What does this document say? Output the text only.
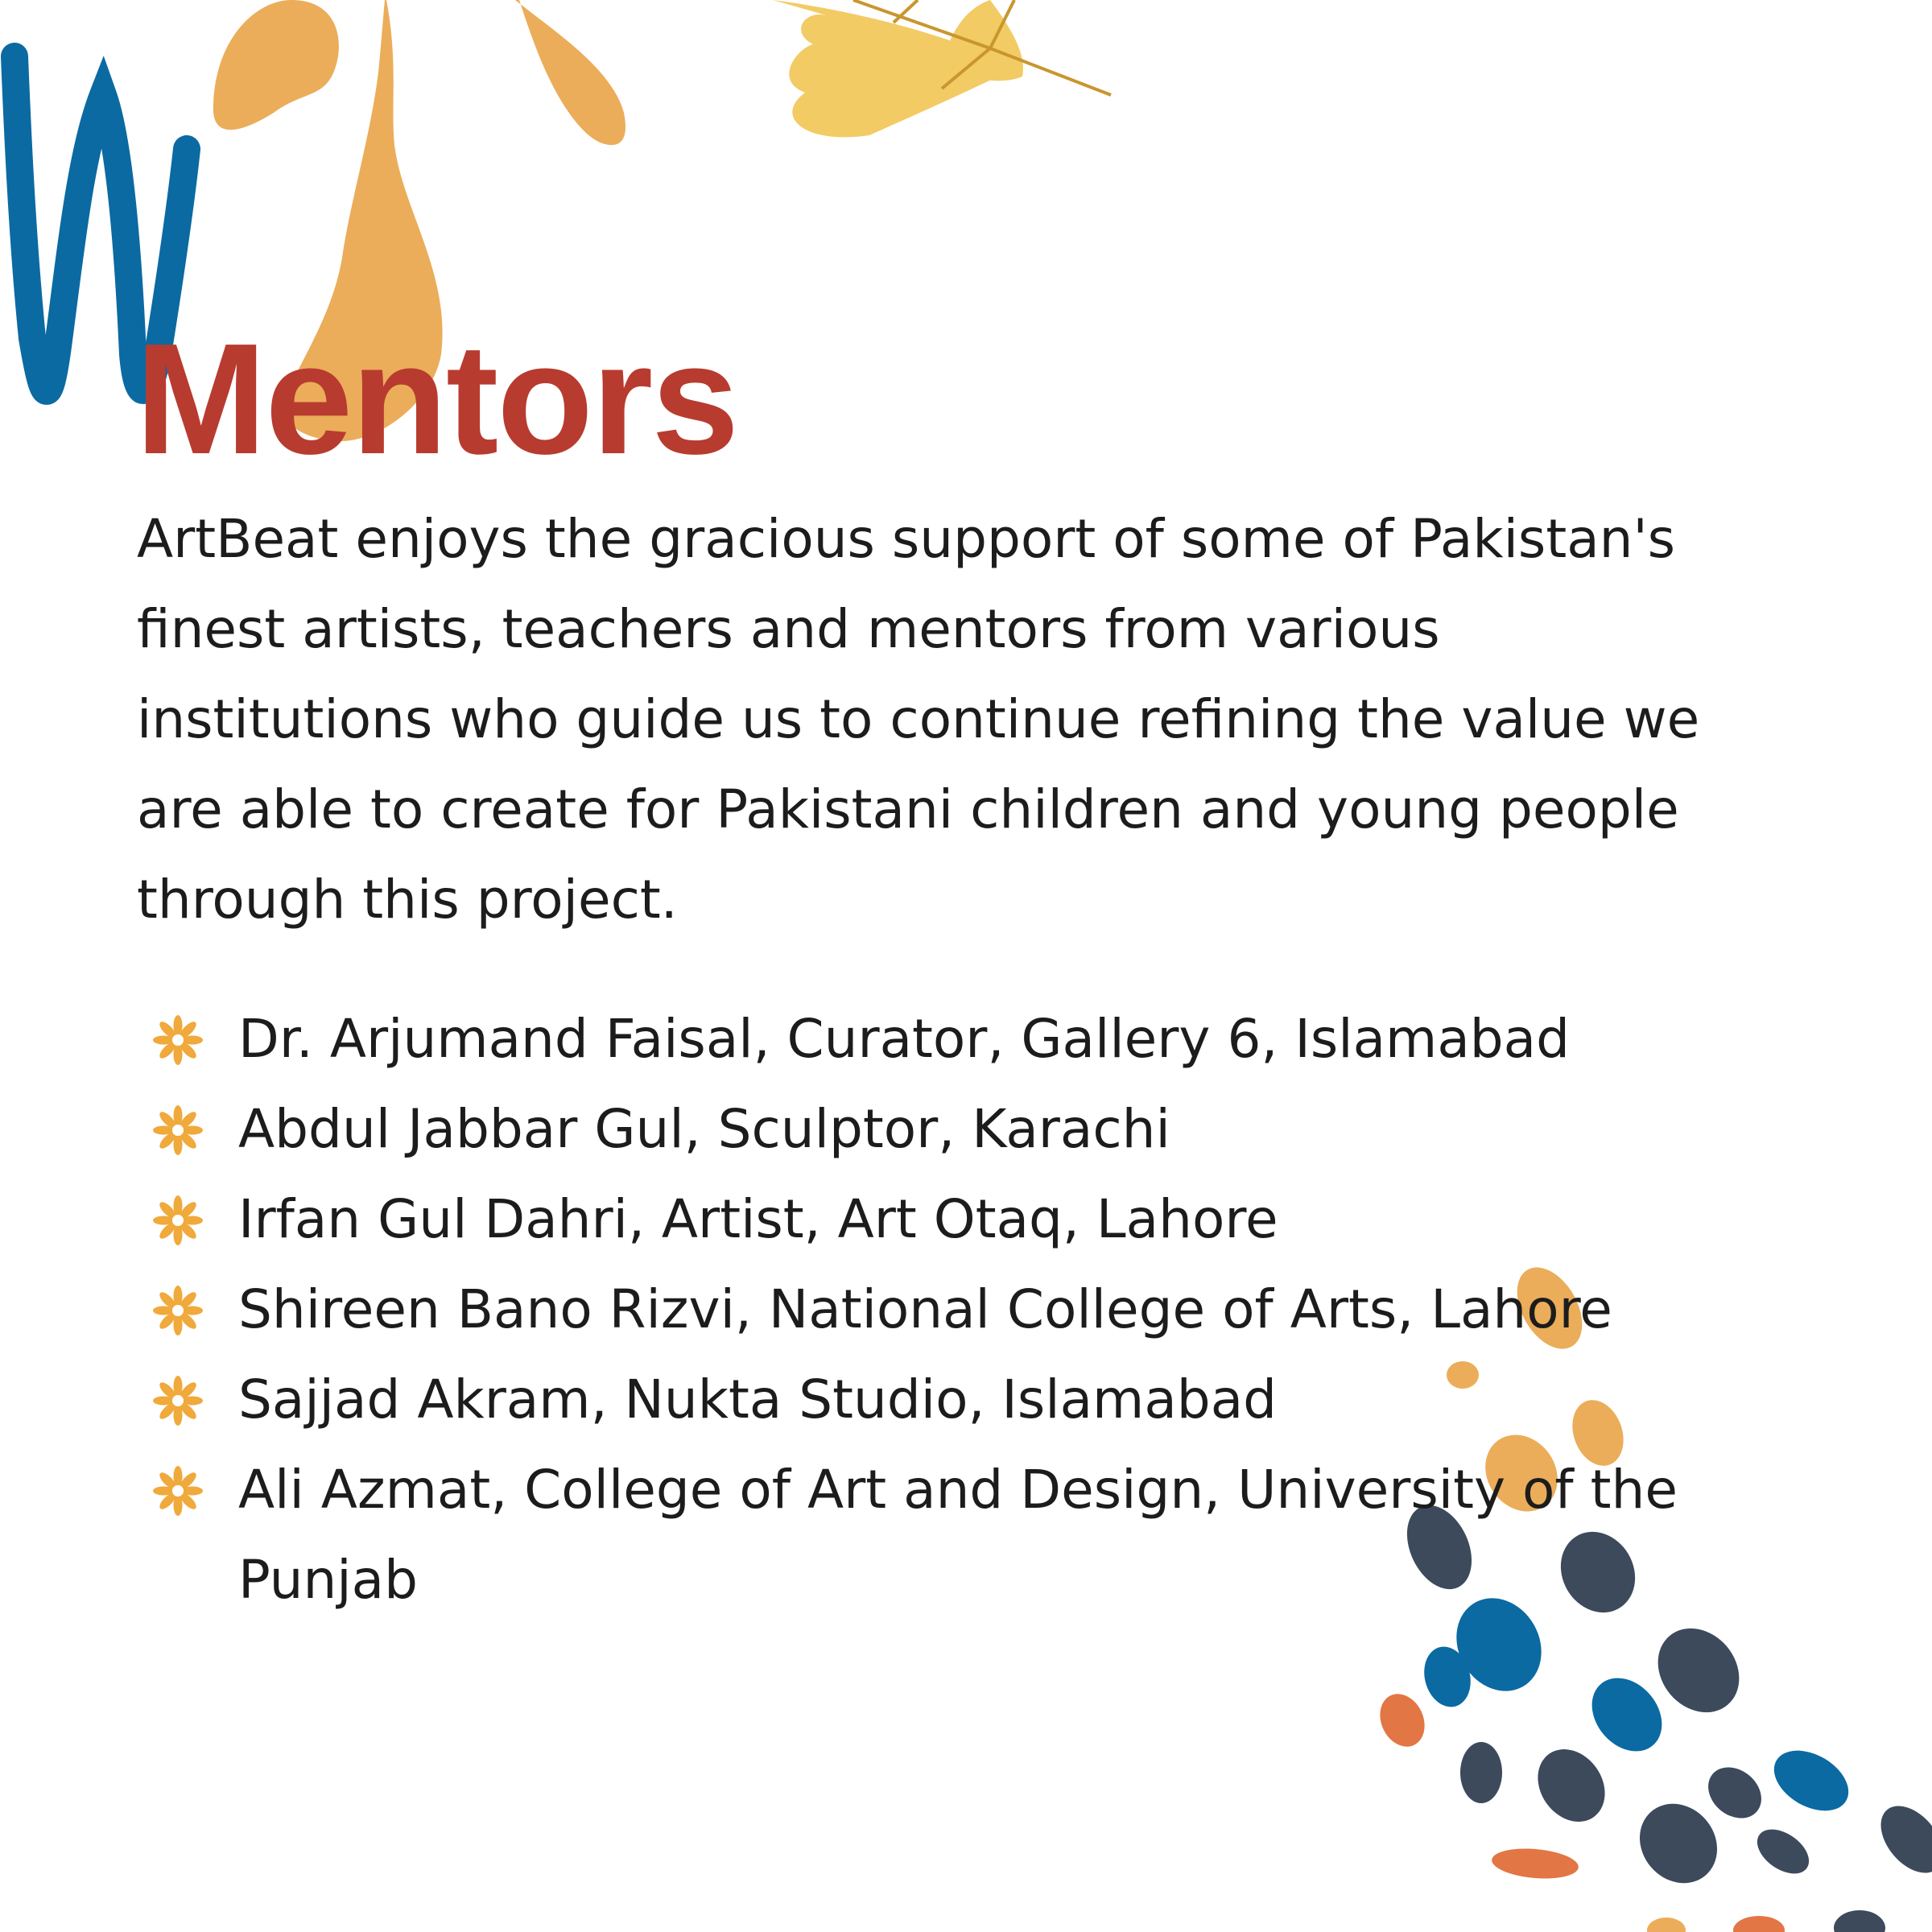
Mentors

ArtBeat enjoys the gracious support of some of Pakistan's finest artists, teachers and mentors from various institutions who guide us to continue refining the value we are able to create for Pakistani children and young people through this project.

Dr. Arjumand Faisal, Curator, Gallery 6, Islamabad
Abdul Jabbar Gul, Sculptor, Karachi
Irfan Gul Dahri, Artist, Art Otaq, Lahore
Shireen Bano Rizvi, National College of Arts, Lahore
Sajjad Akram, Nukta Studio, Islamabad
Ali Azmat, College of Art and Design, University of the Punjab
